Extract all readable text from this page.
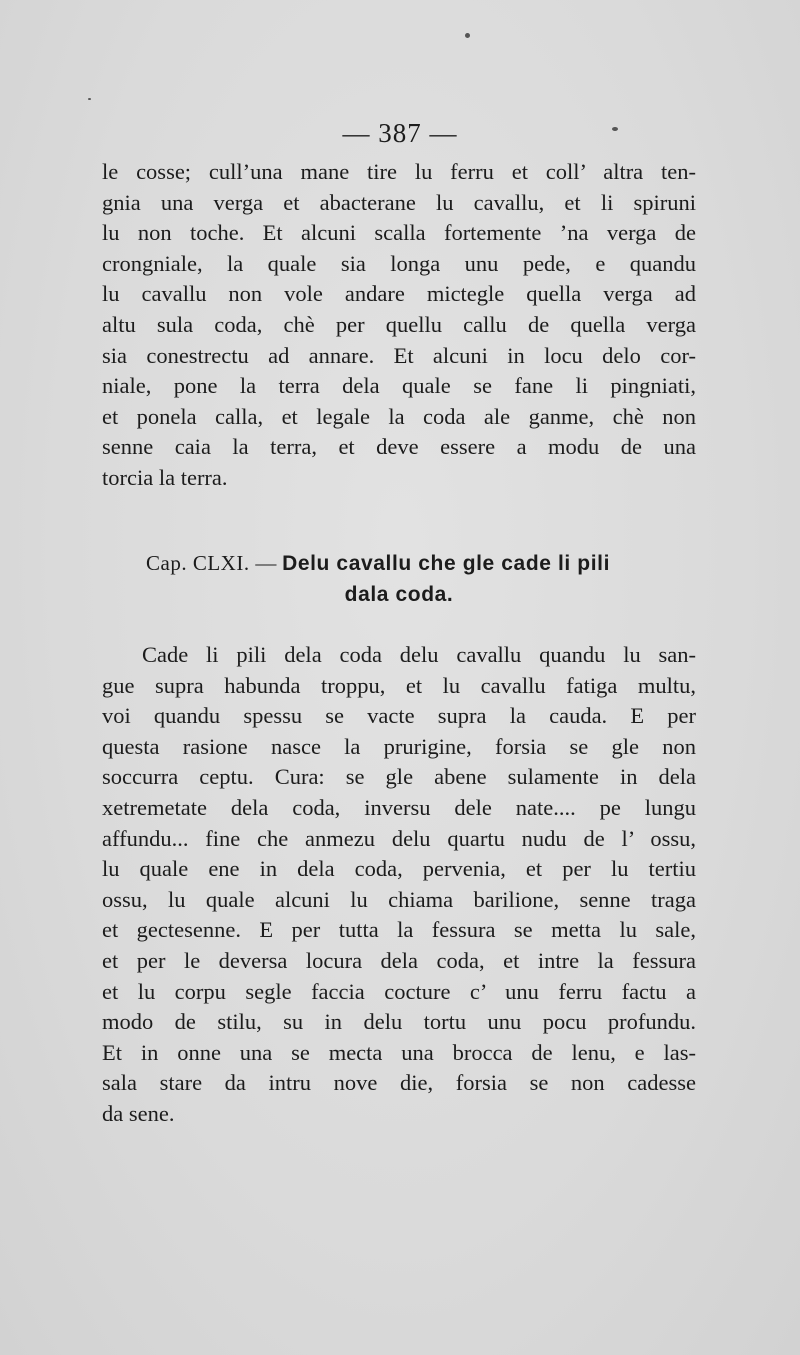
— 387 —
le cosse; cull’una mane tire lu ferru et coll’ altra ten-
gnia una verga et abacterane lu cavallu, et li spiruni
lu non toche. Et alcuni scalla fortemente ’na verga de
crongniale, la quale sia longa unu pede, e quandu
lu cavallu non vole andare mictegle quella verga ad
altu sula coda, chè per quellu callu de quella verga
sia conestrectu ad annare. Et alcuni in locu delo cor-
niale, pone la terra dela quale se fane li pingniati,
et ponela calla, et legale la coda ale ganme, chè non
senne caia la terra, et deve essere a modu de una
torcia la terra.
Cap. CLXI. — Delu cavallu che gle cade li pili
dala coda.
Cade li pili dela coda delu cavallu quandu lu san-
gue supra habunda troppu, et lu cavallu fatiga multu,
voi quandu spessu se vacte supra la cauda. E per
questa rasione nasce la prurigine, forsia se gle non
soccurra ceptu. Cura: se gle abene sulamente in dela
xetremetate dela coda, inversu dele nate.... pe lungu
affundu... fine che anmezu delu quartu nudu de l’ ossu,
lu quale ene in dela coda, pervenia, et per lu tertiu
ossu, lu quale alcuni lu chiama barilione, senne traga
et gectesenne. E per tutta la fessura se metta lu sale,
et per le deversa locura dela coda, et intre la fessura
et lu corpu segle faccia cocture c’ unu ferru factu a
modo de stilu, su in delu tortu unu pocu profundu.
Et in onne una se mecta una brocca de lenu, e las-
sala stare da intru nove die, forsia se non cadesse
da sene.
